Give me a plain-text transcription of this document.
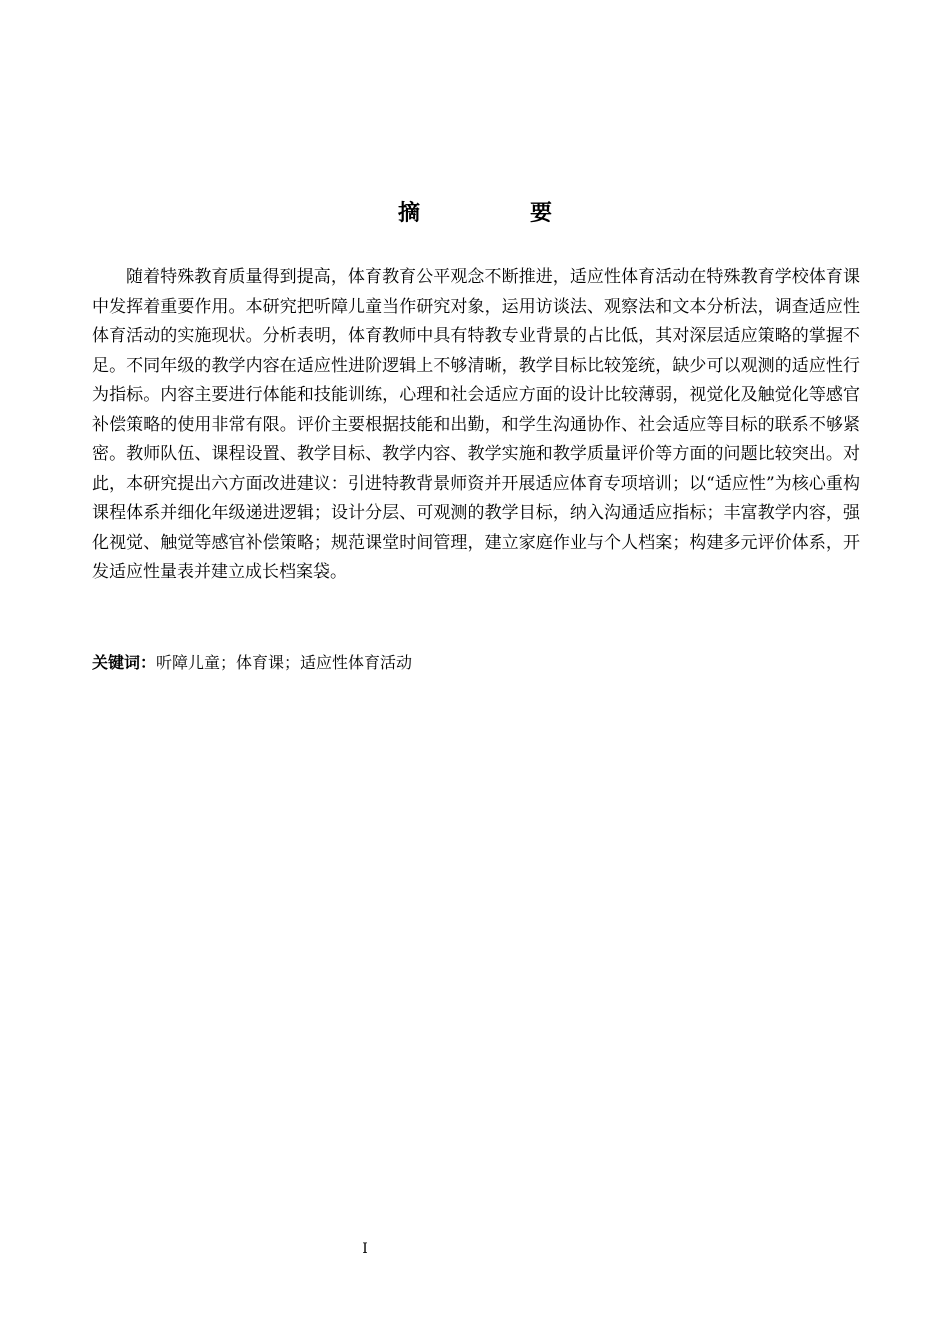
摘　要

随着特殊教育质量得到提高，体育教育公平观念不断推进，适应性体育活动在特殊教育学校体育课中发挥着重要作用。本研究把听障儿童当作研究对象，运用访谈法、观察法和文本分析法，调查适应性体育活动的实施现状。分析表明，体育教师中具有特教专业背景的占比低，其对深层适应策略的掌握不足。不同年级的教学内容在适应性进阶逻辑上不够清晰，教学目标比较笼统，缺少可以观测的适应性行为指标。内容主要进行体能和技能训练，心理和社会适应方面的设计比较薄弱，视觉化及触觉化等感官补偿策略的使用非常有限。评价主要根据技能和出勤，和学生沟通协作、社会适应等目标的联系不够紧密。教师队伍、课程设置、教学目标、教学内容、教学实施和教学质量评价等方面的问题比较突出。对此，本研究提出六方面改进建议：引进特教背景师资并开展适应体育专项培训；以“适应性”为核心重构课程体系并细化年级递进逻辑；设计分层、可观测的教学目标，纳入沟通适应指标；丰富教学内容，强化视觉、触觉等感官补偿策略；规范课堂时间管理，建立家庭作业与个人档案；构建多元评价体系，开发适应性量表并建立成长档案袋。

关键词：听障儿童；体育课；适应性体育活动
I
